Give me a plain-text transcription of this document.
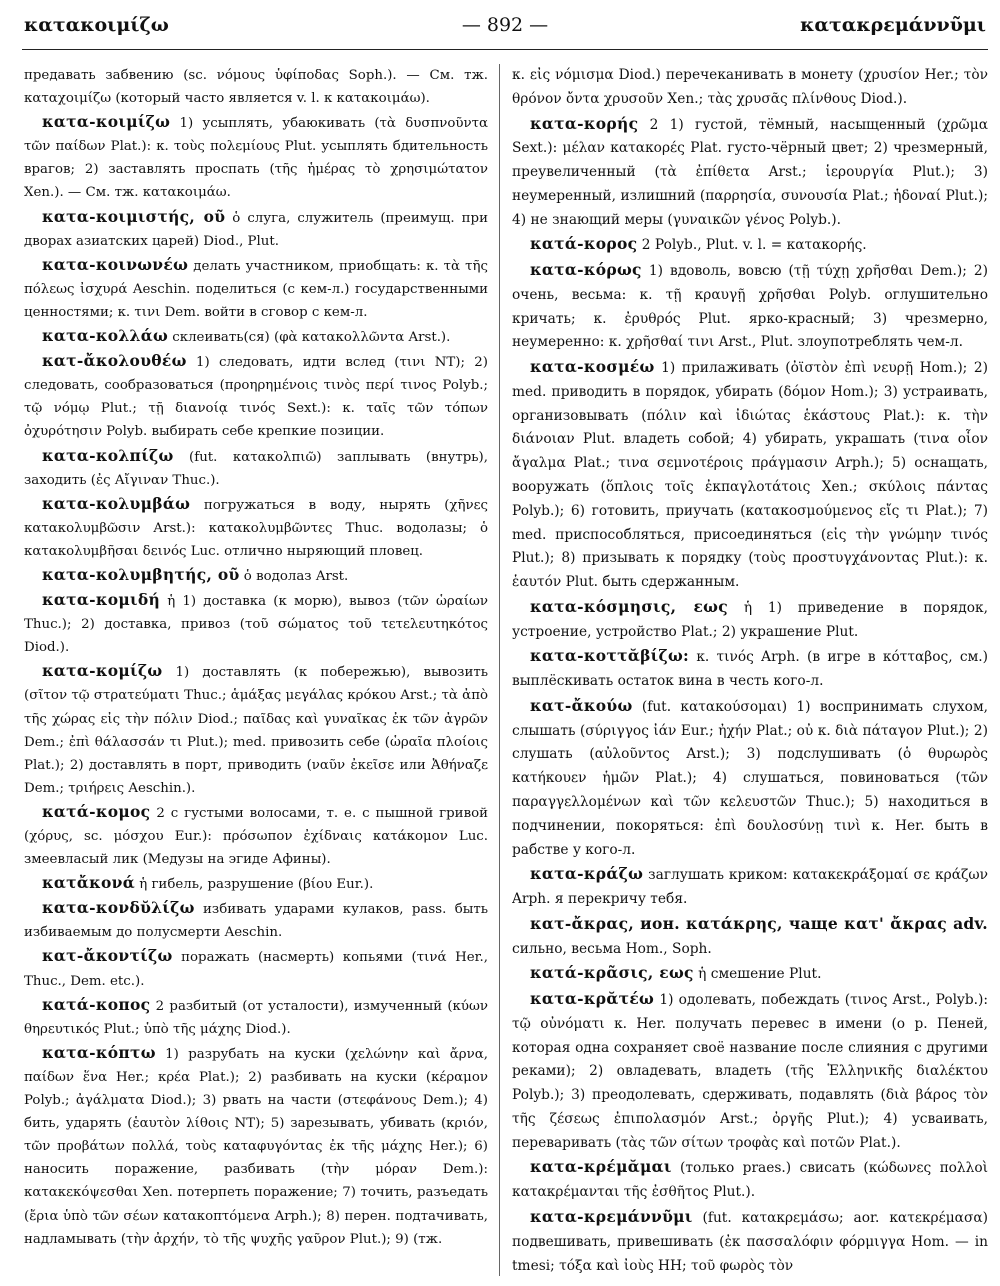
κατακοιμίζω	— 892 —	κατακρεμάννῦμι

предавать забвению (sc. νόμους ὑφίποδας Soph.). — См. тж. καταχοιμίζω (который часто является v. l. к κατακοιμάω).

κατα-κοιμίζω 1) усыплять, убаюкивать (τὰ δυσπνοῦντα τῶν παίδων Plat.): κ. τοὺς πολεμίους Plut. усыплять бдительность врагов; 2) заставлять проспать (τῆς ἡμέρας τὸ χρησιμώτατον Xen.). — См. тж. κατακοιμάω.

κατα-κοιμιστής, οῦ ὁ слуга, служитель (преимущ. при дворах азиатских царей) Diod., Plut.

κατα-κοινωνέω делать участником, приобщать: κ. τὰ τῆς πόλεως ἰσχυρά Aeschin. поделиться (с кем-л.) государственными ценностями; κ. τινι Dem. войти в сговор с кем-л.

κατα-κολλάω склеивать(ся) (φὰ κατακολλῶντα Arst.).

κατ-ἄκολουθέω 1) следовать, идти вслед (τινι NT); 2) следовать, сообразоваться (προηρημένοις τινὸς περί τινος Polyb.; τῷ νόμῳ Plut.; τῇ διανοίᾳ τινός Sext.): κ. ταῖς τῶν τόπων ὀχυρότησιν Polyb. выбирать себе крепкие позиции.

κατα-κολπίζω (fut. κατακολπιῶ) заплывать (внутрь), заходить (ἐς Αἴγιναν Thuc.).

κατα-κολυμβάω погружаться в воду, нырять (χῆνες κατακολυμβῶσιν Arst.): κατακολυμβῶντες Thuc. водолазы; ὁ κατακολυμβῆσαι δεινός Luc. отлично ныряющий пловец.

κατα-κολυμβητής, οῦ ὁ водолаз Arst.

κατα-κομιδή ἡ 1) доставка (к морю), вывоз (τῶν ὡραίων Thuc.); 2) доставка, привоз (τοῦ σώματος τοῦ τετελευτηκότος Diod.).

κατα-κομίζω 1) доставлять (к побережью), вывозить (σῖτον τῷ στρατεύματι Thuc.; ἁμάξας μεγάλας κρόκου Arst.; τὰ ἀπὸ τῆς χώρας εἰς τὴν πόλιν Diod.; παῖδας καὶ γυναῖκας ἐκ τῶν ἀγρῶν Dem.; ἐπὶ θάλασσάν τι Plut.); med. привозить себе (ὡραῖα πλοίοις Plat.); 2) доставлять в порт, приводить (ναῦν ἐκεῖσε или Ἀθήναζε Dem.; τριήρεις Aeschin.).

κατά-κομος 2 с густыми волосами, т. е. с пышной гривой (χόρυς, sc. μόσχου Eur.): πρόσωπον ἐχίδναις κατάκομον Luc. змеевласый лик (Медузы на эгиде Афины).

κατἄκονά ἡ гибель, разрушение (βίου Eur.).

κατα-κονδῠλίζω избивать ударами кулаков, pass. быть избиваемым до полусмерти Aeschin.

κατ-ἄκοντίζω поражать (насмерть) копьями (τινά Her., Thuc., Dem. etc.).

κατά-κοπος 2 разбитый (от усталости), измученный (κύων θηρευτικός Plut.; ὑπὸ τῆς μάχης Diod.).

κατα-κόπτω 1) разрубать на куски (χελώνην καὶ ἄρνα, παίδων ἕνα Her.; κρέα Plat.); 2) разбивать на куски (κέραμον Polyb.; ἀγάλματα Diod.); 3) рвать на части (στεφάνους Dem.); 4) бить, ударять (ἑαυτὸν λίθοις NT); 5) зарезывать, убивать (κριόν, τῶν προβάτων πολλά, τοὺς καταφυγόντας ἐκ τῆς μάχης Her.); 6) наносить поражение, разбивать (τὴν μόραν Dem.): κατακεκόψεσθαι Xen. потерпеть поражение; 7) точить, разъедать (ἔρια ὑπὸ τῶν σέων κατακοπτόμενα Arph.); 8) перен. подтачивать, надламывать (τὴν ἀρχήν, τὸ τῆς ψυχῆς γαῦρον Plut.); 9) (тж.

κ. εἰς νόμισμα Diod.) перечеканивать в монету (χρυσίον Her.; τὸν θρόνον ὄντα χρυσοῦν Xen.; τὰς χρυσᾶς πλίνθους Diod.).

κατα-κορής 2 1) густой, тёмный, насыщенный (χρῶμα Sext.): μέλαν κατακορές Plat. густо-чёрный цвет; 2) чрезмерный, преувеличенный (τὰ ἐπίθετα Arst.; ἱερουργία Plut.); 3) неумеренный, излишний (παρρησία, συνουσία Plat.; ἡδοναί Plut.); 4) не знающий меры (γυναικῶν γένος Polyb.).

κατά-κορος 2 Polyb., Plut. v. l. = κατακορής.

κατα-κόρως 1) вдоволь, вовсю (τῇ τύχῃ χρῆσθαι Dem.); 2) очень, весьма: κ. τῇ κραυγῇ χρῆσθαι Polyb. оглушительно кричать; κ. ἐρυθρός Plut. ярко-красный; 3) чрезмерно, неумеренно: κ. χρῆσθαί τινι Arst., Plut. злоупотреблять чем-л.

κατα-κοσμέω 1) прилаживать (ὀϊστὸν ἐπὶ νευρῇ Hom.); 2) med. приводить в порядок, убирать (δόμον Hom.); 3) устраивать, организовывать (πόλιν καὶ ἰδιώτας ἑκάστους Plat.): κ. τὴν διάνοιαν Plut. владеть собой; 4) убирать, украшать (τινα οἷον ἄγαλμα Plat.; τινα σεμνοτέροις πράγμασιν Arph.); 5) оснащать, вооружать (ὅπλοις τοῖς ἐκπαγλοτάτοις Xen.; σκύλοις πάντας Polyb.); 6) готовить, приучать (κατακοσμούμενος εἴς τι Plat.); 7) med. приспособляться, присоединяться (εἰς τὴν γνώμην τινός Plut.); 8) призывать к порядку (τοὺς προστυγχάνοντας Plut.): κ. ἑαυτόν Plut. быть сдержанным.

κατα-κόσμησις, εως ἡ 1) приведение в порядок, устроение, устройство Plat.; 2) украшение Plut.

κατα-κοττᾰβίζω: κ. τινός Arph. (в игре в κότταβος, см.) выплёскивать остаток вина в честь кого-л.

κατ-ἄκούω (fut. κατακούσομαι) 1) воспринимать слухом, слышать (σύριγγος ἰάν Eur.; ἠχήν Plat.; οὐ κ. διὰ πάταγον Plut.); 2) слушать (αὐλοῦντος Arst.); 3) подслушивать (ὁ θυρωρὸς κατήκουεν ἡμῶν Plat.); 4) слушаться, повиноваться (τῶν παραγγελλομένων καὶ τῶν κελευστῶν Thuc.); 5) находиться в подчинении, покоряться: ἐπὶ δουλοσύνῃ τινὶ κ. Her. быть в рабстве у кого-л.

κατα-κράζω заглушать криком: κατακεκράξομαί σε κράζων Arph. я перекричу тебя.

κατ-ἄκρας, ион. κατάκρης, чаще κατ' ἄκρας adv. сильно, весьма Hom., Soph.

κατά-κρᾶσις, εως ἡ смешение Plut.

κατα-κρᾰτέω 1) одолевать, побеждать (τινος Arst., Polyb.): τῷ οὐνόματι κ. Her. получать перевес в имени (о р. Пеней, которая одна сохраняет своё название после слияния с другими реками); 2) овладевать, владеть (τῆς Ἑλληνικῆς διαλέκτου Polyb.); 3) преодолевать, сдерживать, подавлять (διὰ βάρος τὸν τῆς ζέσεως ἐπιπολασμόν Arst.; ὀργῆς Plut.); 4) усваивать, переваривать (τὰς τῶν σίτων τροφὰς καὶ ποτῶν Plat.).

κατα-κρέμᾰμαι (только praes.) свисать (κώδωνες πολλοὶ κατακρέμανται τῆς ἐσθῆτος Plut.).

κατα-κρεμάννῦμι (fut. κατακρεμάσω; aor. κατεκρέμασα) подвешивать, привешивать (ἐκ πασσαλόφιν φόρμιγγα Hom. — in tmesi; τόξα καὶ ἰοὺς HH; τοῦ φωρὸς τὸν
